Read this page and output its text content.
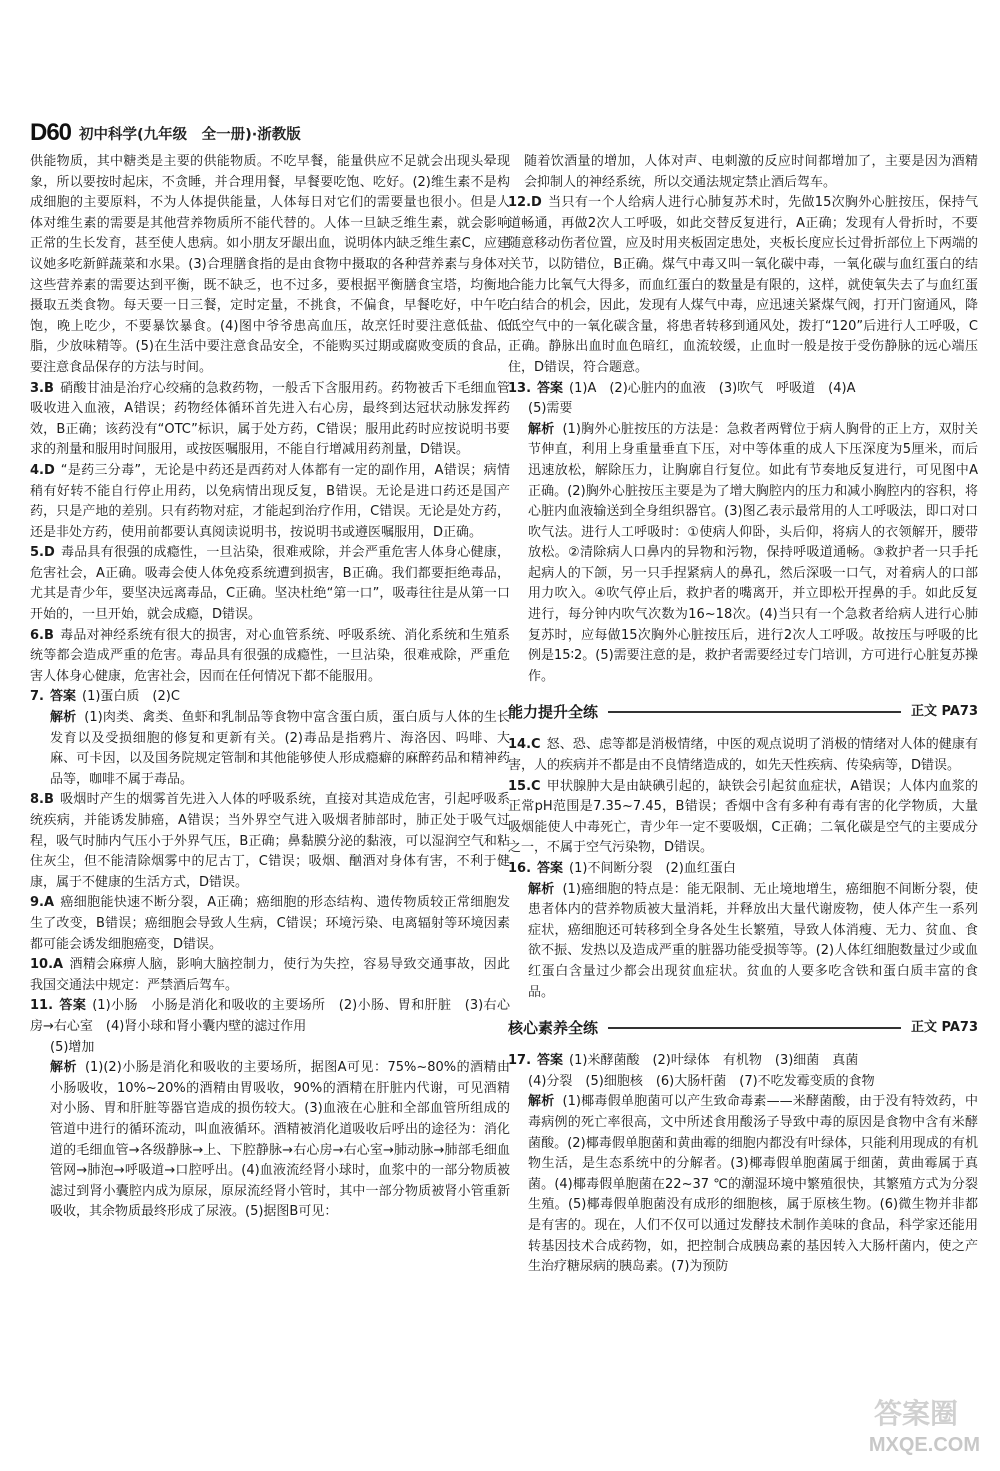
D60 初中科学(九年级　全一册)·浙教版

供能物质，其中糖类是主要的供能物质。不吃早餐，能量供应不足就会出现头晕现象，所以要按时起床，不贪睡，并合理用餐，早餐要吃饱、吃好。(2)维生素不是构成细胞的主要原料，不为人体提供能量，人体每日对它们的需要量也很小。但是人体对维生素的需要是其他营养物质所不能代替的。人体一旦缺乏维生素，就会影响正常的生长发育，甚至使人患病。如小朋友牙龈出血，说明体内缺乏维生素C，应建议她多吃新鲜蔬菜和水果。(3)合理膳食指的是由食物中摄取的各种营养素与身体对这些营养素的需要达到平衡，既不缺乏，也不过多，要根据平衡膳食宝塔，均衡地摄取五类食物。每天要一日三餐，定时定量，不挑食，不偏食，早餐吃好，中午吃饱，晚上吃少，不要暴饮暴食。(4)图中爷爷患高血压，故烹饪时要注意低盐、低脂，少放味精等。(5)在生活中要注意食品安全，不能购买过期或腐败变质的食品，要注意食品保存的方法与时间。

3.B 硝酸甘油是治疗心绞痛的急救药物，一般舌下含服用药。药物被舌下毛细血管吸收进入血液，A错误；药物经体循环首先进入右心房，最终到达冠状动脉发挥药效，B正确；该药没有“OTC”标识，属于处方药，C错误；服用此药时应按说明书要求的剂量和服用时间服用，或按医嘱服用，不能自行增减用药剂量，D错误。

4.D “是药三分毒”，无论是中药还是西药对人体都有一定的副作用，A错误；病情稍有好转不能自行停止用药，以免病情出现反复，B错误。无论是进口药还是国产药，只是产地的差别。只有药物对症，才能起到治疗作用，C错误。无论是处方药，还是非处方药，使用前都要认真阅读说明书，按说明书或遵医嘱服用，D正确。

5.D 毒品具有很强的成瘾性，一旦沾染，很难戒除，并会严重危害人体身心健康，危害社会，A正确。吸毒会使人体免疫系统遭到损害，B正确。我们都要拒绝毒品，尤其是青少年，要坚决远离毒品，C正确。坚决杜绝“第一口”，吸毒往往是从第一口开始的，一旦开始，就会成瘾，D错误。

6.B 毒品对神经系统有很大的损害，对心血管系统、呼吸系统、消化系统和生殖系统等都会造成严重的危害。毒品具有很强的成瘾性，一旦沾染，很难戒除，严重危害人体身心健康，危害社会，因而在任何情况下都不能服用。

7. 答案 (1)蛋白质　(2)C

解析 (1)肉类、禽类、鱼虾和乳制品等食物中富含蛋白质，蛋白质与人体的生长发育以及受损细胞的修复和更新有关。(2)毒品是指鸦片、海洛因、吗啡、大麻、可卡因，以及国务院规定管制和其他能够使人形成瘾癖的麻醉药品和精神药品等，咖啡不属于毒品。

8.B 吸烟时产生的烟雾首先进入人体的呼吸系统，直接对其造成危害，引起呼吸系统疾病，并能诱发肺癌，A错误；当外界空气进入吸烟者肺部时，肺正处于吸气过程，吸气时肺内气压小于外界气压，B正确；鼻黏膜分泌的黏液，可以湿润空气和粘住灰尘，但不能清除烟雾中的尼古丁，C错误；吸烟、酗酒对身体有害，不利于健康，属于不健康的生活方式，D错误。

9.A 癌细胞能快速不断分裂，A正确；癌细胞的形态结构、遗传物质较正常细胞发生了改变，B错误；癌细胞会导致人生病，C错误；环境污染、电离辐射等环境因素都可能会诱发细胞癌变，D错误。

10.A 酒精会麻痹人脑，影响大脑控制力，使行为失控，容易导致交通事故，因此我国交通法中规定：严禁酒后驾车。

11. 答案 (1)小肠　小肠是消化和吸收的主要场所　(2)小肠、胃和肝脏　(3)右心房→右心室　(4)肾小球和肾小囊内壁的滤过作用

(5)增加

解析 (1)(2)小肠是消化和吸收的主要场所，据图A可见：75%~80%的酒精由小肠吸收，10%~20%的酒精由胃吸收，90%的酒精在肝脏内代谢，可见酒精对小肠、胃和肝脏等器官造成的损伤较大。(3)血液在心脏和全部血管所组成的管道中进行的循环流动，叫血液循环。酒精被消化道吸收后呼出的途径为：消化道的毛细血管→各级静脉→上、下腔静脉→右心房→右心室→肺动脉→肺部毛细血管网→肺泡→呼吸道→口腔呼出。(4)血液流经肾小球时，血浆中的一部分物质被滤过到肾小囊腔内成为原尿，原尿流经肾小管时，其中一部分物质被肾小管重新吸收，其余物质最终形成了尿液。(5)据图B可见：

随着饮酒量的增加，人体对声、电刺激的反应时间都增加了，主要是因为酒精会抑制人的神经系统，所以交通法规定禁止酒后驾车。

12.D 当只有一个人给病人进行心肺复苏术时，先做15次胸外心脏按压，保持气道畅通，再做2次人工呼吸，如此交替反复进行，A正确；发现有人骨折时，不要随意移动伤者位置，应及时用夹板固定患处，夹板长度应长过骨折部位上下两端的关节，以防错位，B正确。煤气中毒又叫一氧化碳中毒，一氧化碳与血红蛋白的结合能力比氧气大得多，而血红蛋白的数量是有限的，这样，就使氧失去了与血红蛋白结合的机会，因此，发现有人煤气中毒，应迅速关紧煤气阀，打开门窗通风，降低空气中的一氧化碳含量，将患者转移到通风处，拨打“120”后进行人工呼吸，C正确。静脉出血时血色暗红，血流较缓，止血时一般是按于受伤静脉的远心端压住，D错误，符合题意。

13. 答案 (1)A　(2)心脏内的血液　(3)吹气　呼吸道　(4)A

(5)需要

解析 (1)胸外心脏按压的方法是：急救者两臂位于病人胸骨的正上方，双肘关节伸直，利用上身重量垂直下压，对中等体重的成人下压深度为5厘米，而后迅速放松，解除压力，让胸廓自行复位。如此有节奏地反复进行，可见图中A正确。(2)胸外心脏按压主要是为了增大胸腔内的压力和减小胸腔内的容积，将心脏内血液输送到全身组织器官。(3)图乙表示最常用的人工呼吸法，即口对口吹气法。进行人工呼吸时：①使病人仰卧，头后仰，将病人的衣领解开，腰带放松。②清除病人口鼻内的异物和污物，保持呼吸道通畅。③救护者一只手托起病人的下颌，另一只手捏紧病人的鼻孔，然后深吸一口气，对着病人的口部用力吹入。④吹气停止后，救护者的嘴离开，并立即松开捏鼻的手。如此反复进行，每分钟内吹气次数为16~18次。(4)当只有一个急救者给病人进行心肺复苏时，应每做15次胸外心脏按压后，进行2次人工呼吸。故按压与呼吸的比例是15∶2。(5)需要注意的是，救护者需要经过专门培训，方可进行心脏复苏操作。

能力提升全练	正文 PA73

14.C 怒、恐、虑等都是消极情绪，中医的观点说明了消极的情绪对人体的健康有害，人的疾病并不都是由不良情绪造成的，如先天性疾病、传染病等，D错误。

15.C 甲状腺肿大是由缺碘引起的，缺铁会引起贫血症状，A错误；人体内血浆的正常pH范围是7.35~7.45，B错误；香烟中含有多种有毒有害的化学物质，大量吸烟能使人中毒死亡，青少年一定不要吸烟，C正确；二氧化碳是空气的主要成分之一，不属于空气污染物，D错误。

16. 答案 (1)不间断分裂　(2)血红蛋白

解析 (1)癌细胞的特点是：能无限制、无止境地增生，癌细胞不间断分裂，使患者体内的营养物质被大量消耗，并释放出大量代谢废物，使人体产生一系列症状，癌细胞还可转移到全身各处生长繁殖，导致人体消瘦、无力、贫血、食欲不振、发热以及造成严重的脏器功能受损等等。(2)人体红细胞数量过少或血红蛋白含量过少都会出现贫血症状。贫血的人要多吃含铁和蛋白质丰富的食品。

核心素养全练	正文 PA73

17. 答案 (1)米酵菌酸　(2)叶绿体　有机物　(3)细菌　真菌

(4)分裂　(5)细胞核　(6)大肠杆菌　(7)不吃发霉变质的食物

解析 (1)椰毒假单胞菌可以产生致命毒素——米酵菌酸，由于没有特效药，中毒病例的死亡率很高，文中所述食用酸汤子导致中毒的原因是食物中含有米酵菌酸。(2)椰毒假单胞菌和黄曲霉的细胞内都没有叶绿体，只能利用现成的有机物生活，是生态系统中的分解者。(3)椰毒假单胞菌属于细菌，黄曲霉属于真菌。(4)椰毒假单胞菌在22~37 ℃的潮湿环境中繁殖很快，其繁殖方式为分裂生殖。(5)椰毒假单胞菌没有成形的细胞核，属于原核生物。(6)微生物并非都是有害的。现在，人们不仅可以通过发酵技术制作美味的食品，科学家还能用转基因技术合成药物，如，把控制合成胰岛素的基因转入大肠杆菌内，使之产生治疗糖尿病的胰岛素。(7)为预防

答案圈
MXQE.COM
